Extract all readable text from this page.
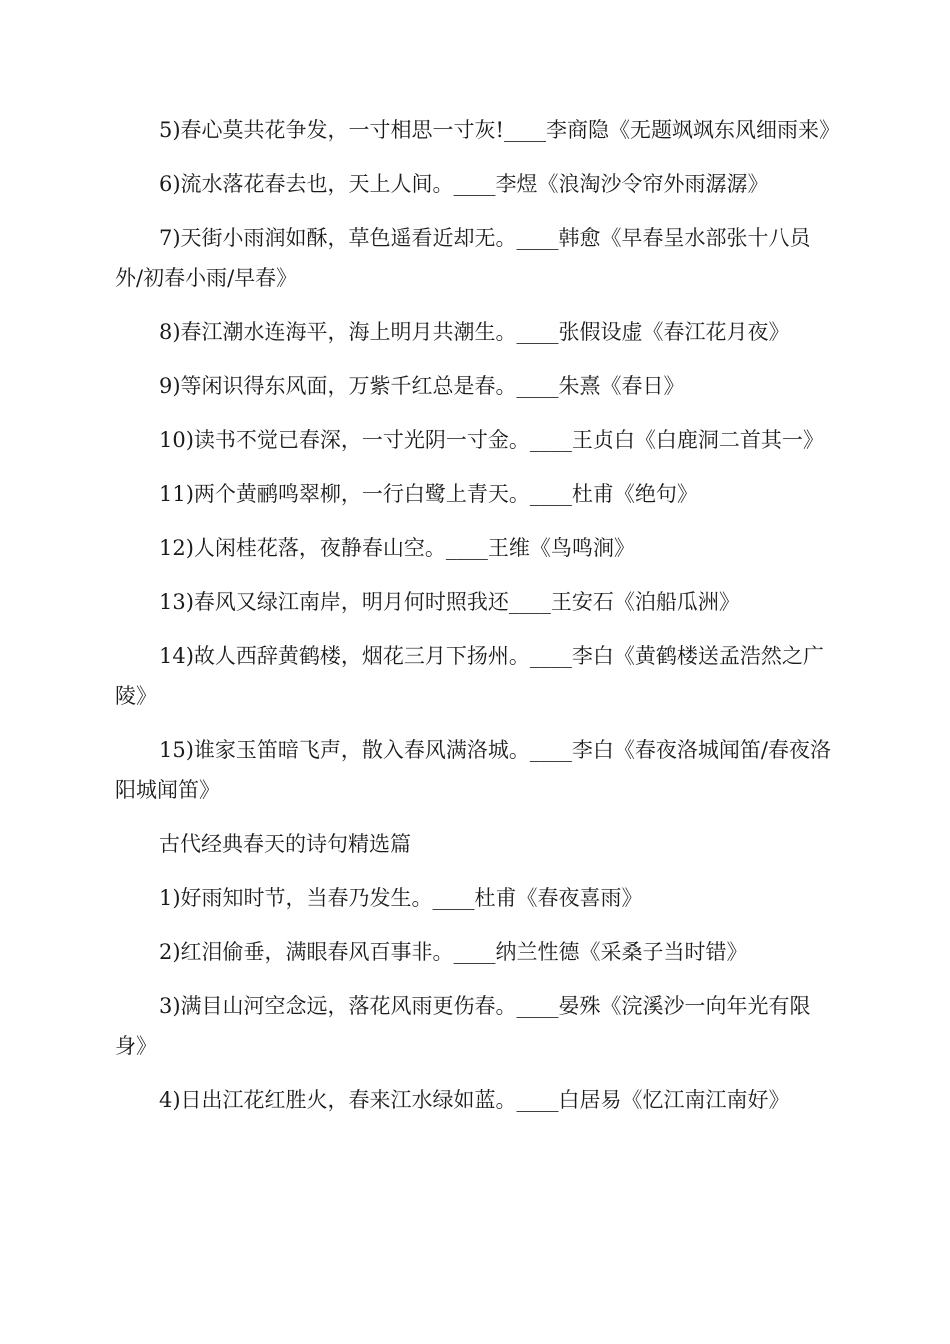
5)春心莫共花争发，一寸相思一寸灰!____李商隐《无题飒飒东风细雨来》

6)流水落花春去也，天上人间。____李煜《浪淘沙令帘外雨潺潺》

7)天街小雨润如酥，草色遥看近却无。____韩愈《早春呈水部张十八员外/初春小雨/早春》

8)春江潮水连海平，海上明月共潮生。____张假设虚《春江花月夜》

9)等闲识得东风面，万紫千红总是春。____朱熹《春日》

10)读书不觉已春深，一寸光阴一寸金。____王贞白《白鹿洞二首其一》

11)两个黄鹂鸣翠柳，一行白鹭上青天。____杜甫《绝句》

12)人闲桂花落，夜静春山空。____王维《鸟鸣涧》

13)春风又绿江南岸，明月何时照我还____王安石《泊船瓜洲》

14)故人西辞黄鹤楼，烟花三月下扬州。____李白《黄鹤楼送孟浩然之广陵》

15)谁家玉笛暗飞声，散入春风满洛城。____李白《春夜洛城闻笛/春夜洛阳城闻笛》

古代经典春天的诗句精选篇

1)好雨知时节，当春乃发生。____杜甫《春夜喜雨》

2)红泪偷垂，满眼春风百事非。____纳兰性德《采桑子当时错》

3)满目山河空念远，落花风雨更伤春。____晏殊《浣溪沙一向年光有限身》

4)日出江花红胜火，春来江水绿如蓝。____白居易《忆江南江南好》
